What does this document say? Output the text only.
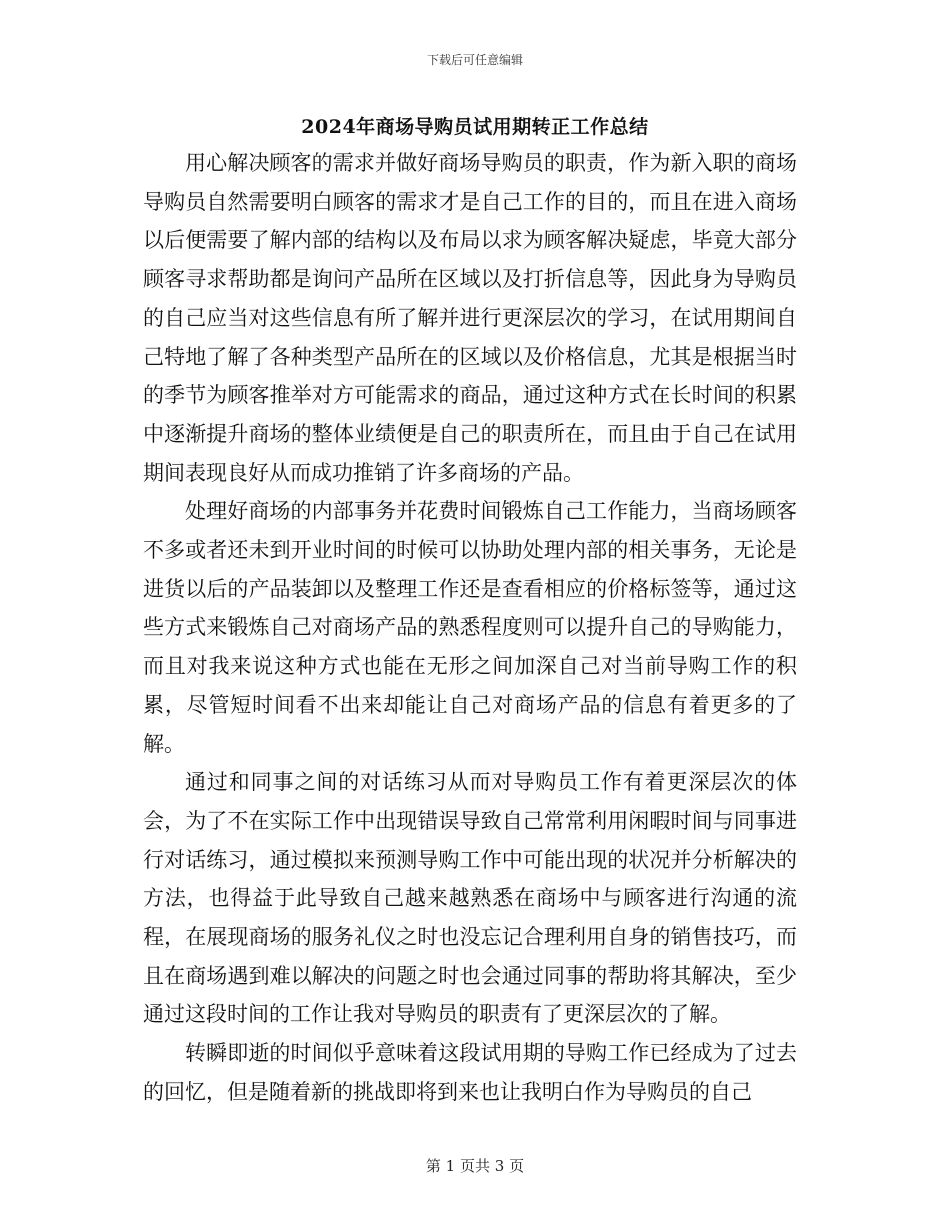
下载后可任意编辑
2024年商场导购员试用期转正工作总结

用心解决顾客的需求并做好商场导购员的职责，作为新入职的商场导购员自然需要明白顾客的需求才是自己工作的目的，而且在进入商场以后便需要了解内部的结构以及布局以求为顾客解决疑虑，毕竟大部分顾客寻求帮助都是询问产品所在区域以及打折信息等，因此身为导购员的自己应当对这些信息有所了解并进行更深层次的学习，在试用期间自己特地了解了各种类型产品所在的区域以及价格信息，尤其是根据当时的季节为顾客推举对方可能需求的商品，通过这种方式在长时间的积累中逐渐提升商场的整体业绩便是自己的职责所在，而且由于自己在试用期间表现良好从而成功推销了许多商场的产品。

处理好商场的内部事务并花费时间锻炼自己工作能力，当商场顾客不多或者还未到开业时间的时候可以协助处理内部的相关事务，无论是进货以后的产品装卸以及整理工作还是查看相应的价格标签等，通过这些方式来锻炼自己对商场产品的熟悉程度则可以提升自己的导购能力，而且对我来说这种方式也能在无形之间加深自己对当前导购工作的积累，尽管短时间看不出来却能让自己对商场产品的信息有着更多的了解。

通过和同事之间的对话练习从而对导购员工作有着更深层次的体会，为了不在实际工作中出现错误导致自己常常利用闲暇时间与同事进行对话练习，通过模拟来预测导购工作中可能出现的状况并分析解决的方法，也得益于此导致自己越来越熟悉在商场中与顾客进行沟通的流程，在展现商场的服务礼仪之时也没忘记合理利用自身的销售技巧，而且在商场遇到难以解决的问题之时也会通过同事的帮助将其解决，至少通过这段时间的工作让我对导购员的职责有了更深层次的了解。

转瞬即逝的时间似乎意味着这段试用期的导购工作已经成为了过去的回忆，但是随着新的挑战即将到来也让我明白作为导购员的自己

第 1 页共 3 页
